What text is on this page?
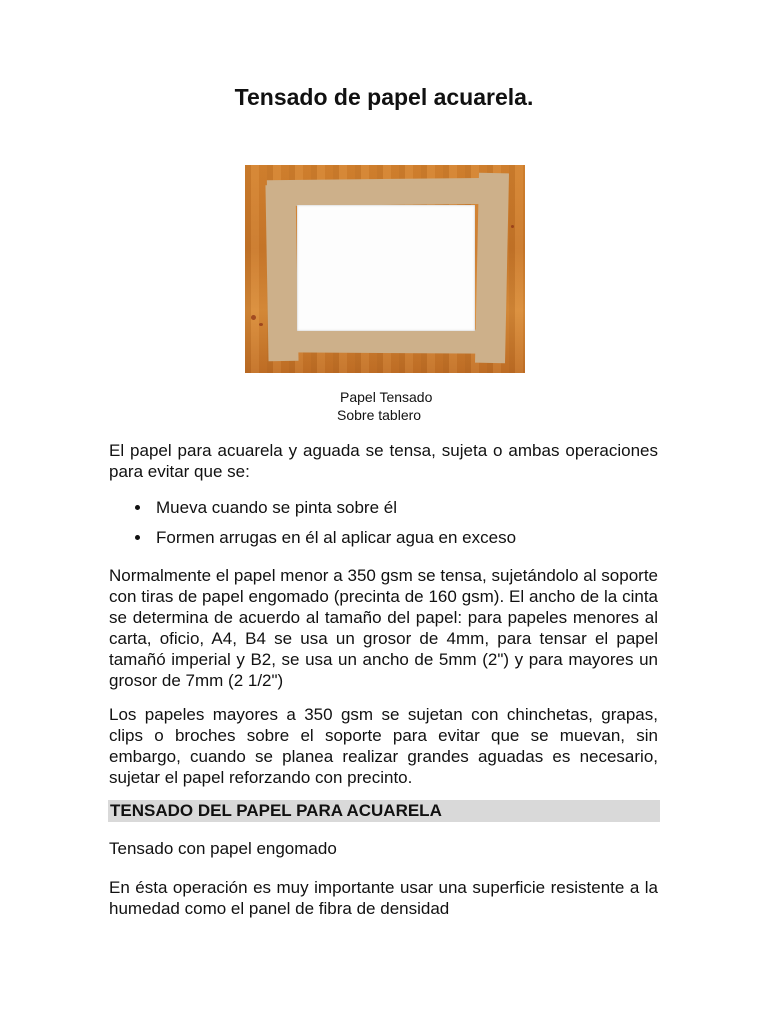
Tensado de papel acuarela.
Papel Tensado
Sobre tablero

El papel para acuarela y aguada se tensa, sujeta o ambas operaciones para evitar que se:

Mueva cuando se pinta sobre él
Formen arrugas en él al aplicar agua en exceso

Normalmente el papel menor a 350 gsm se tensa, sujetándolo al soporte con tiras de papel engomado (precinta de 160 gsm). El ancho de la cinta se determina de acuerdo al tamaño del papel: para papeles menores al carta, oficio, A4, B4 se usa un grosor de 4mm, para tensar el papel tamañó imperial y B2, se usa un ancho de 5mm (2") y para mayores un grosor de 7mm (2 1/2")

Los papeles mayores a 350 gsm se sujetan con chinchetas, grapas, clips o broches sobre el soporte para evitar que se muevan, sin embargo, cuando se planea realizar grandes aguadas es necesario, sujetar el papel reforzando con precinto.

TENSADO DEL PAPEL PARA ACUARELA

Tensado con papel engomado

En ésta operación es muy importante usar una superficie resistente a la humedad como el panel de fibra de densidad
